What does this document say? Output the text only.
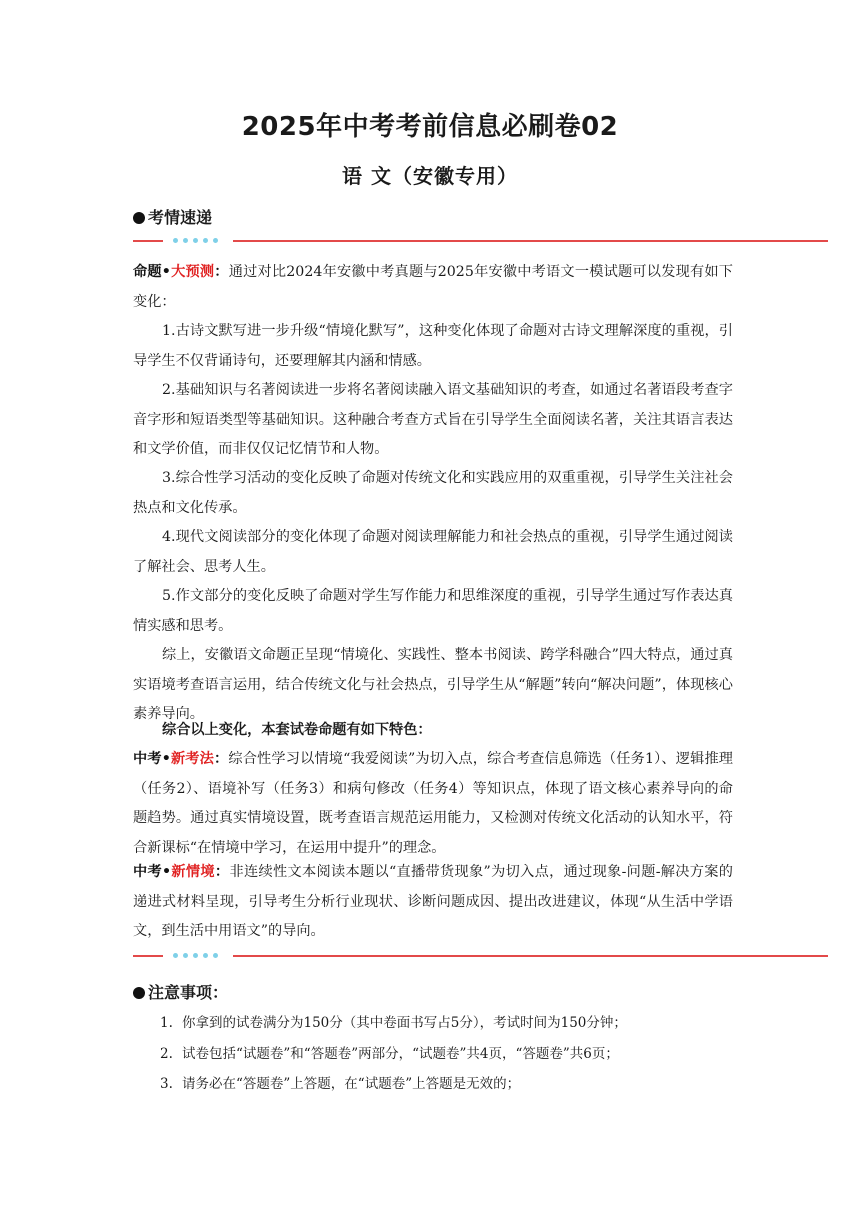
2025年中考考前信息必刷卷02
语 文（安徽专用）
考情速递
命题•大预测：通过对比2024年安徽中考真题与2025年安徽中考语文一模试题可以发现有如下变化：
1.古诗文默写进一步升级“情境化默写”，这种变化体现了命题对古诗文理解深度的重视，引导学生不仅背诵诗句，还要理解其内涵和情感。
2.基础知识与名著阅读进一步将名著阅读融入语文基础知识的考查，如通过名著语段考查字音字形和短语类型等基础知识。这种融合考查方式旨在引导学生全面阅读名著，关注其语言表达和文学价值，而非仅仅记忆情节和人物。
3.综合性学习活动的变化反映了命题对传统文化和实践应用的双重重视，引导学生关注社会热点和文化传承。
4.现代文阅读部分的变化体现了命题对阅读理解能力和社会热点的重视，引导学生通过阅读了解社会、思考人生。
5.作文部分的变化反映了命题对学生写作能力和思维深度的重视，引导学生通过写作表达真情实感和思考。
综上，安徽语文命题正呈现“情境化、实践性、整本书阅读、跨学科融合”四大特点，通过真实语境考查语言运用，结合传统文化与社会热点，引导学生从“解题”转向“解决问题”，体现核心素养导向。
综合以上变化，本套试卷命题有如下特色：
中考•新考法：综合性学习以情境“我爱阅读”为切入点，综合考查信息筛选（任务1）、逻辑推理（任务2）、语境补写（任务3）和病句修改（任务4）等知识点，体现了语文核心素养导向的命题趋势。通过真实情境设置，既考查语言规范运用能力，又检测对传统文化活动的认知水平，符合新课标“在情境中学习，在运用中提升”的理念。
中考•新情境：非连续性文本阅读本题以“直播带货现象”为切入点，通过现象-问题-解决方案的递进式材料呈现，引导考生分析行业现状、诊断问题成因、提出改进建议，体现“从生活中学语文，到生活中用语文”的导向。
注意事项：
1. 你拿到的试卷满分为150分（其中卷面书写占5分），考试时间为150分钟；
2. 试卷包括“试题卷”和“答题卷”两部分，“试题卷”共4页，“答题卷”共6页；
3. 请务必在“答题卷”上答题，在“试题卷”上答题是无效的；
